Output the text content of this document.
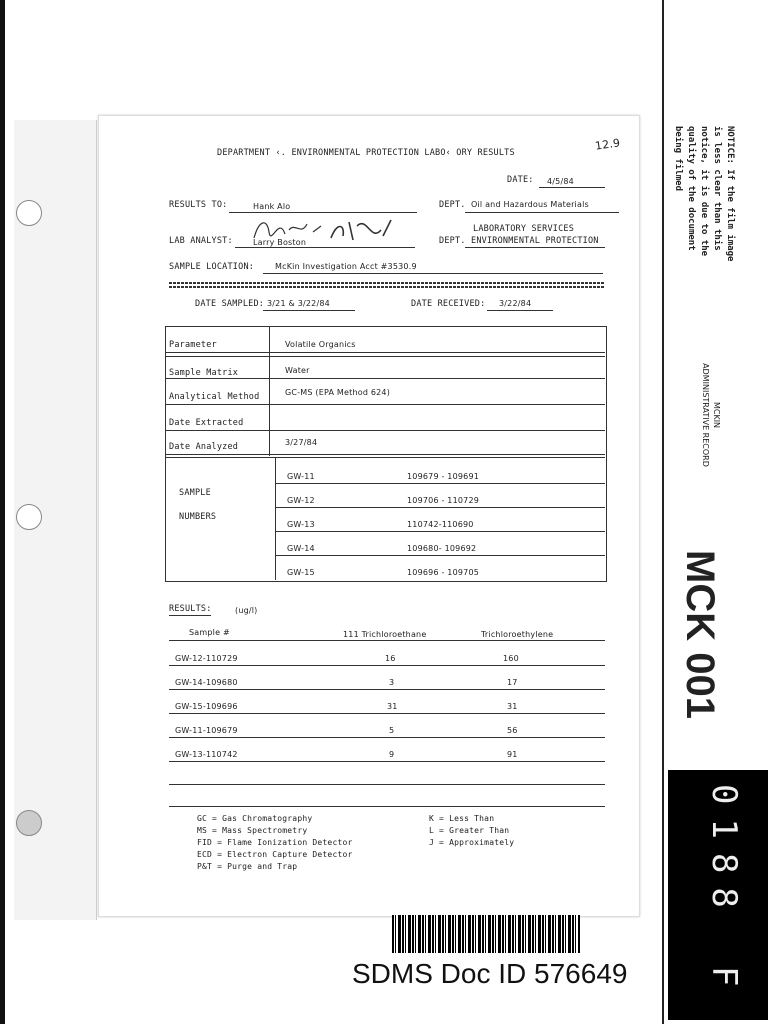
DEPARTMENT ‹. ENVIRONMENTAL PROTECTION LABO‹ ORY RESULTS
12.9
DATE: 4/5/84
RESULTS TO:	Hank Alo	DEPT. Oil and Hazardous Materials
LABORATORY SERVICES
LAB ANALYST:	Larry Boston	DEPT. ENVIRONMENTAL PROTECTION
SAMPLE LOCATION:	McKin Investigation Acct #3530.9
DATE SAMPLED: 3/21 & 3/22/84	DATE RECEIVED: 3/22/84
Parameter	Volatile Organics
Sample Matrix	Water
Analytical Method	GC-MS (EPA Method 624)
Date Extracted
Date Analyzed	3/27/84
SAMPLE
NUMBERS
GW-11	109679 - 109691
GW-12	109706 - 110729
GW-13	110742-110690
GW-14	109680- 109692
GW-15	109696 - 109705
RESULTS:	(ug/l)
Sample #	111 Trichloroethane	Trichloroethylene
GW-12-110729	16	160
GW-14-109680	3	17
GW-15-109696	31	31
GW-11-109679	5	56
GW-13-110742	9	91
GC = Gas Chromatography
MS = Mass Spectrometry
FID = Flame Ionization Detector
ECD = Electron Capture Detector
P&T = Purge and Trap
K = Less Than
L = Greater Than
J = Approximately
NOTICE: If the film image
is less clear than this
notice, it is due to the
quality of the document
being filmed
MCKIN
ADMINISTRATIVE RECORD
MCK 001
0188
F
SDMS Doc ID 576649
